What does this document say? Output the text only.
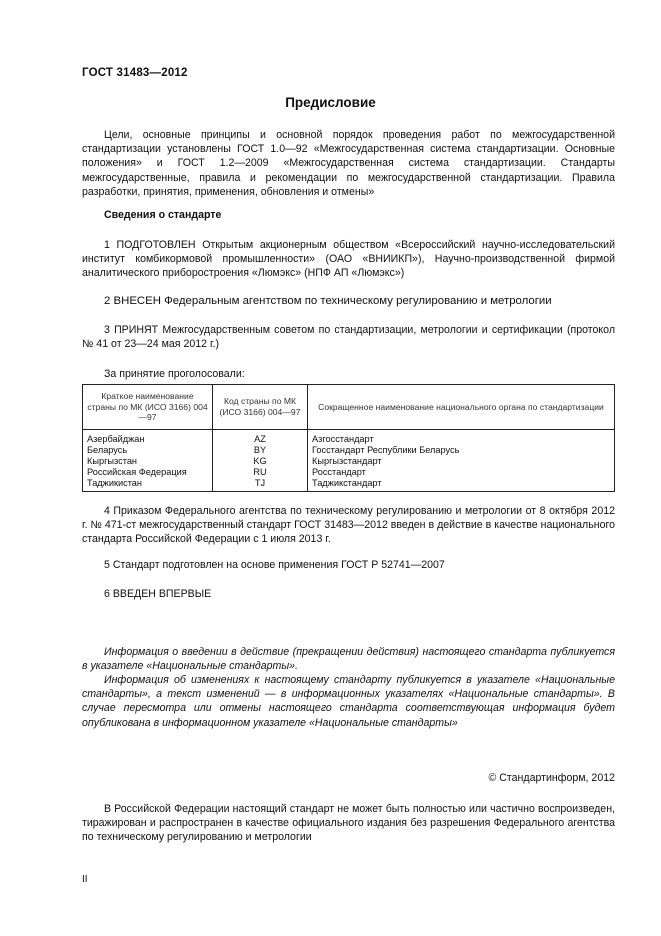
ГОСТ 31483—2012
Предисловие

Цели, основные принципы и основной порядок проведения работ по межгосударственной стандартизации установлены ГОСТ 1.0—92 «Межгосударственная система стандартизации. Основные положения» и ГОСТ 1.2—2009 «Межгосударственная система стандартизации. Стандарты межгосударственные, правила и рекомендации по межгосударственной стандартизации. Правила разработки, принятия, применения, обновления и отмены»

Сведения о стандарте

1 ПОДГОТОВЛЕН Открытым акционерным обществом «Всероссийский научно-исследовательский институт комбикормовой промышленности» (ОАО «ВНИИКП»), Научно-производственной фирмой аналитического приборостроения «Люмэкс» (НПФ АП «Люмэкс»)

2 ВНЕСЕН Федеральным агентством по техническому регулированию и метрологии

3 ПРИНЯТ Межгосударственным советом по стандартизации, метрологии и сертификации (протокол № 41 от 23—24 мая 2012 г.)

За принятие проголосовали:
Краткое наименование страны по МК (ИСО 3166) 004—97	Код страны по МК (ИСО 3166) 004—97	Сокращенное наименование национального органа по стандартизации
Азербайджан	AZ	Азгосстандарт
Беларусь	BY	Госстандарт Республики Беларусь
Кыргызстан	KG	Кыргызстандарт
Российская Федерация	RU	Росстандарт
Таджикистан	TJ	Таджикстандарт

4 Приказом Федерального агентства по техническому регулированию и метрологии от 8 октября 2012 г. № 471-ст межгосударственный стандарт ГОСТ 31483—2012 введен в действие в качестве национального стандарта Российской Федерации с 1 июля 2013 г.

5 Стандарт подготовлен на основе применения ГОСТ Р 52741—2007

6 ВВЕДЕН ВПЕРВЫЕ

Информация о введении в действие (прекращении действия) настоящего стандарта публикуется в указателе «Национальные стандарты».

Информация об изменениях к настоящему стандарту публикуется в указателе «Национальные стандарты», а текст изменений — в информационных указателях «Национальные стандарты». В случае пересмотра или отмены настоящего стандарта соответствующая информация будет опубликована в информационном указателе «Национальные стандарты»

© Стандартинформ, 2012

В Российской Федерации настоящий стандарт не может быть полностью или частично воспроизведен, тиражирован и распространен в качестве официального издания без разрешения Федерального агентства по техническому регулированию и метрологии

II
